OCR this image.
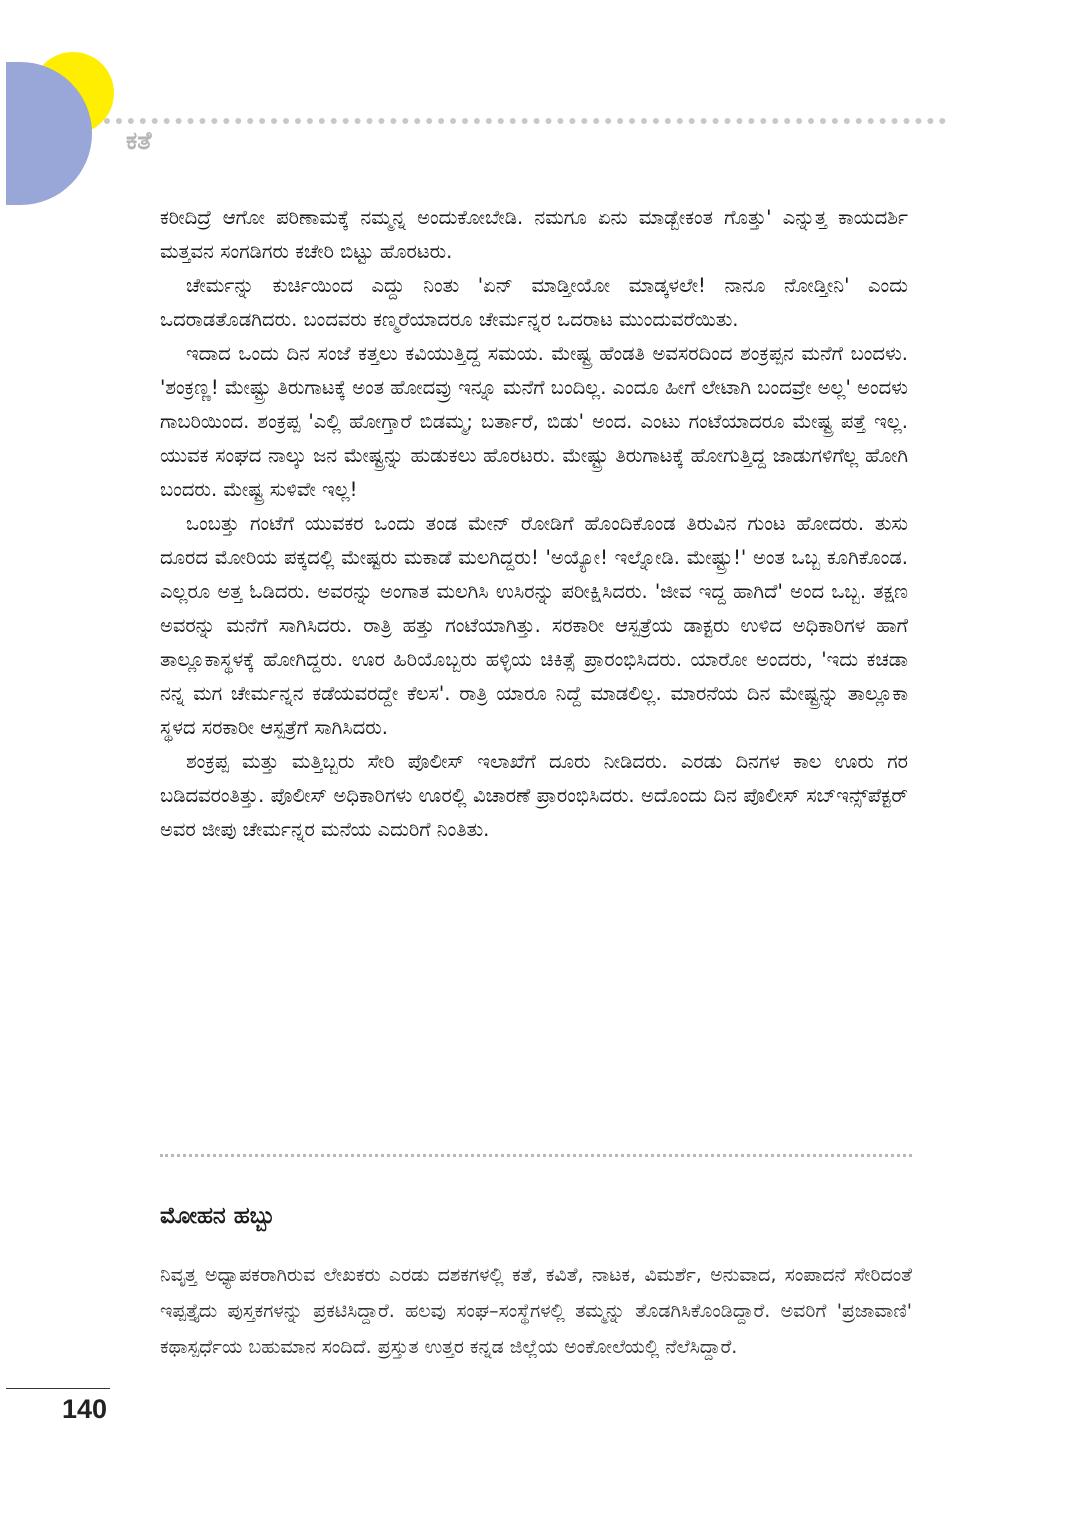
ಕತೆ

ಕರೀದಿದ್ರೆ ಆಗೋ ಪರಿಣಾಮಕ್ಕೆ ನಮ್ಮನ್ನ ಅಂದುಕೋಬೇಡಿ. ನಮಗೂ ಏನು ಮಾಡ್ಬೇಕಂತ ಗೊತ್ತು' ಎನ್ನುತ್ತ ಕಾಯದರ್ಶಿ ಮತ್ತವನ ಸಂಗಡಿಗರು ಕಚೇರಿ ಬಿಟ್ಟು ಹೊರಟರು.

ಚೇರ್ಮನ್ನು ಕುರ್ಚಿಯಿಂದ ಎದ್ದು ನಿಂತು 'ಏನ್ ಮಾಡ್ತೀಯೋ ಮಾಡ್ಕಳಲೇ! ನಾನೂ ನೋಡ್ತೀನಿ' ಎಂದು ಒದರಾಡತೊಡಗಿದರು. ಬಂದವರು ಕಣ್ಮರೆಯಾದರೂ ಚೇರ್ಮನ್ನರ ಒದರಾಟ ಮುಂದುವರೆಯಿತು.

ಇದಾದ ಒಂದು ದಿನ ಸಂಜೆ ಕತ್ತಲು ಕವಿಯುತ್ತಿದ್ದ ಸಮಯ. ಮೇಷ್ಟ್ರ ಹೆಂಡತಿ ಅವಸರದಿಂದ ಶಂಕ್ರಪ್ಪನ ಮನೆಗೆ ಬಂದಳು. 'ಶಂಕ್ರಣ್ಣ! ಮೇಷ್ಟ್ರು ತಿರುಗಾಟಕ್ಕೆ ಅಂತ ಹೋದವ್ರು ಇನ್ನೂ ಮನೆಗೆ ಬಂದಿಲ್ಲ. ಎಂದೂ ಹೀಗೆ ಲೇಟಾಗಿ ಬಂದವ್ರೇ ಅಲ್ಲ' ಅಂದಳು ಗಾಬರಿಯಿಂದ. ಶಂಕ್ರಪ್ಪ 'ಎಲ್ಲಿ ಹೋಗ್ತಾರೆ ಬಿಡಮ್ಮ; ಬರ್ತಾರೆ, ಬಿಡು' ಅಂದ. ಎಂಟು ಗಂಟೆಯಾದರೂ ಮೇಷ್ಟ್ರ ಪತ್ತೆ ಇಲ್ಲ. ಯುವಕ ಸಂಘದ ನಾಲ್ಕು ಜನ ಮೇಷ್ಟ್ರನ್ನು ಹುಡುಕಲು ಹೊರಟರು. ಮೇಷ್ಟ್ರು ತಿರುಗಾಟಕ್ಕೆ ಹೋಗುತ್ತಿದ್ದ ಜಾಡುಗಳಿಗೆಲ್ಲ ಹೋಗಿ ಬಂದರು. ಮೇಷ್ಟ್ರ ಸುಳಿವೇ ಇಲ್ಲ!

ಒಂಬತ್ತು ಗಂಟೆಗೆ ಯುವಕರ ಒಂದು ತಂಡ ಮೇನ್ ರೋಡಿಗೆ ಹೊಂದಿಕೊಂಡ ತಿರುವಿನ ಗುಂಟ ಹೋದರು. ತುಸು ದೂರದ ಮೋರಿಯ ಪಕ್ಕದಲ್ಲಿ ಮೇಷ್ಟರು ಮಕಾಡೆ ಮಲಗಿದ್ದರು! 'ಅಯ್ಯೋ! ಇಲ್ನೋಡಿ. ಮೇಷ್ಟ್ರು!' ಅಂತ ಒಬ್ಬ ಕೂಗಿಕೊಂಡ. ಎಲ್ಲರೂ ಅತ್ತ ಓಡಿದರು. ಅವರನ್ನು ಅಂಗಾತ ಮಲಗಿಸಿ ಉಸಿರನ್ನು ಪರೀಕ್ಷಿಸಿದರು. 'ಜೀವ ಇದ್ದ ಹಾಗಿದೆ' ಅಂದ ಒಬ್ಬ. ತಕ್ಷಣ ಅವರನ್ನು ಮನೆಗೆ ಸಾಗಿಸಿದರು. ರಾತ್ರಿ ಹತ್ತು ಗಂಟೆಯಾಗಿತ್ತು. ಸರಕಾರೀ ಆಸ್ಪತ್ರೆಯ ಡಾಕ್ಟರು ಉಳಿದ ಅಧಿಕಾರಿಗಳ ಹಾಗೆ ತಾಲ್ಲೂಕಾಸ್ಥಳಕ್ಕೆ ಹೋಗಿದ್ದರು. ಊರ ಹಿರಿಯೊಬ್ಬರು ಹಳ್ಳಿಯ ಚಿಕಿತ್ಸೆ ಪ್ರಾರಂಭಿಸಿದರು. ಯಾರೋ ಅಂದರು, 'ಇದು ಕಚಡಾ ನನ್ನ ಮಗ ಚೇರ್ಮನ್ನನ ಕಡೆಯವರದ್ದೇ ಕೆಲಸ'. ರಾತ್ರಿ ಯಾರೂ ನಿದ್ದೆ ಮಾಡಲಿಲ್ಲ. ಮಾರನೆಯ ದಿನ ಮೇಷ್ಟ್ರನ್ನು ತಾಲ್ಲೂಕಾ ಸ್ಥಳದ ಸರಕಾರೀ ಆಸ್ಪತ್ರೆಗೆ ಸಾಗಿಸಿದರು.

ಶಂಕ್ರಪ್ಪ ಮತ್ತು ಮತ್ತಿಬ್ಬರು ಸೇರಿ ಪೊಲೀಸ್ ಇಲಾಖೆಗೆ ದೂರು ನೀಡಿದರು. ಎರಡು ದಿನಗಳ ಕಾಲ ಊರು ಗರ ಬಡಿದವರಂತಿತ್ತು. ಪೊಲೀಸ್ ಅಧಿಕಾರಿಗಳು ಊರಲ್ಲಿ ವಿಚಾರಣೆ ಪ್ರಾರಂಭಿಸಿದರು. ಅದೊಂದು ದಿನ ಪೊಲೀಸ್ ಸಬ್ಇನ್ಸ್‌ಪೆಕ್ಟರ್ ಅವರ ಜೀಪು ಚೇರ್ಮನ್ನರ ಮನೆಯ ಎದುರಿಗೆ ನಿಂತಿತು.

ಮೋಹನ ಹಬ್ಬು

ನಿವೃತ್ತ ಅಧ್ಯಾಪಕರಾಗಿರುವ ಲೇಖಕರು ಎರಡು ದಶಕಗಳಲ್ಲಿ ಕತೆ, ಕವಿತೆ, ನಾಟಕ, ವಿಮರ್ಶೆ, ಅನುವಾದ, ಸಂಪಾದನೆ ಸೇರಿದಂತೆ ಇಪ್ಪತ್ತೈದು ಪುಸ್ತಕಗಳನ್ನು ಪ್ರಕಟಿಸಿದ್ದಾರೆ. ಹಲವು ಸಂಘ–ಸಂಸ್ಥೆಗಳಲ್ಲಿ ತಮ್ಮನ್ನು ತೊಡಗಿಸಿಕೊಂಡಿದ್ದಾರೆ. ಅವರಿಗೆ 'ಪ್ರಜಾವಾಣಿ' ಕಥಾಸ್ಪರ್ಧೆಯ ಬಹುಮಾನ ಸಂದಿದೆ. ಪ್ರಸ್ತುತ ಉತ್ತರ ಕನ್ನಡ ಜಿಲ್ಲೆಯ ಅಂಕೋಲೆಯಲ್ಲಿ ನೆಲೆಸಿದ್ದಾರೆ.

140
